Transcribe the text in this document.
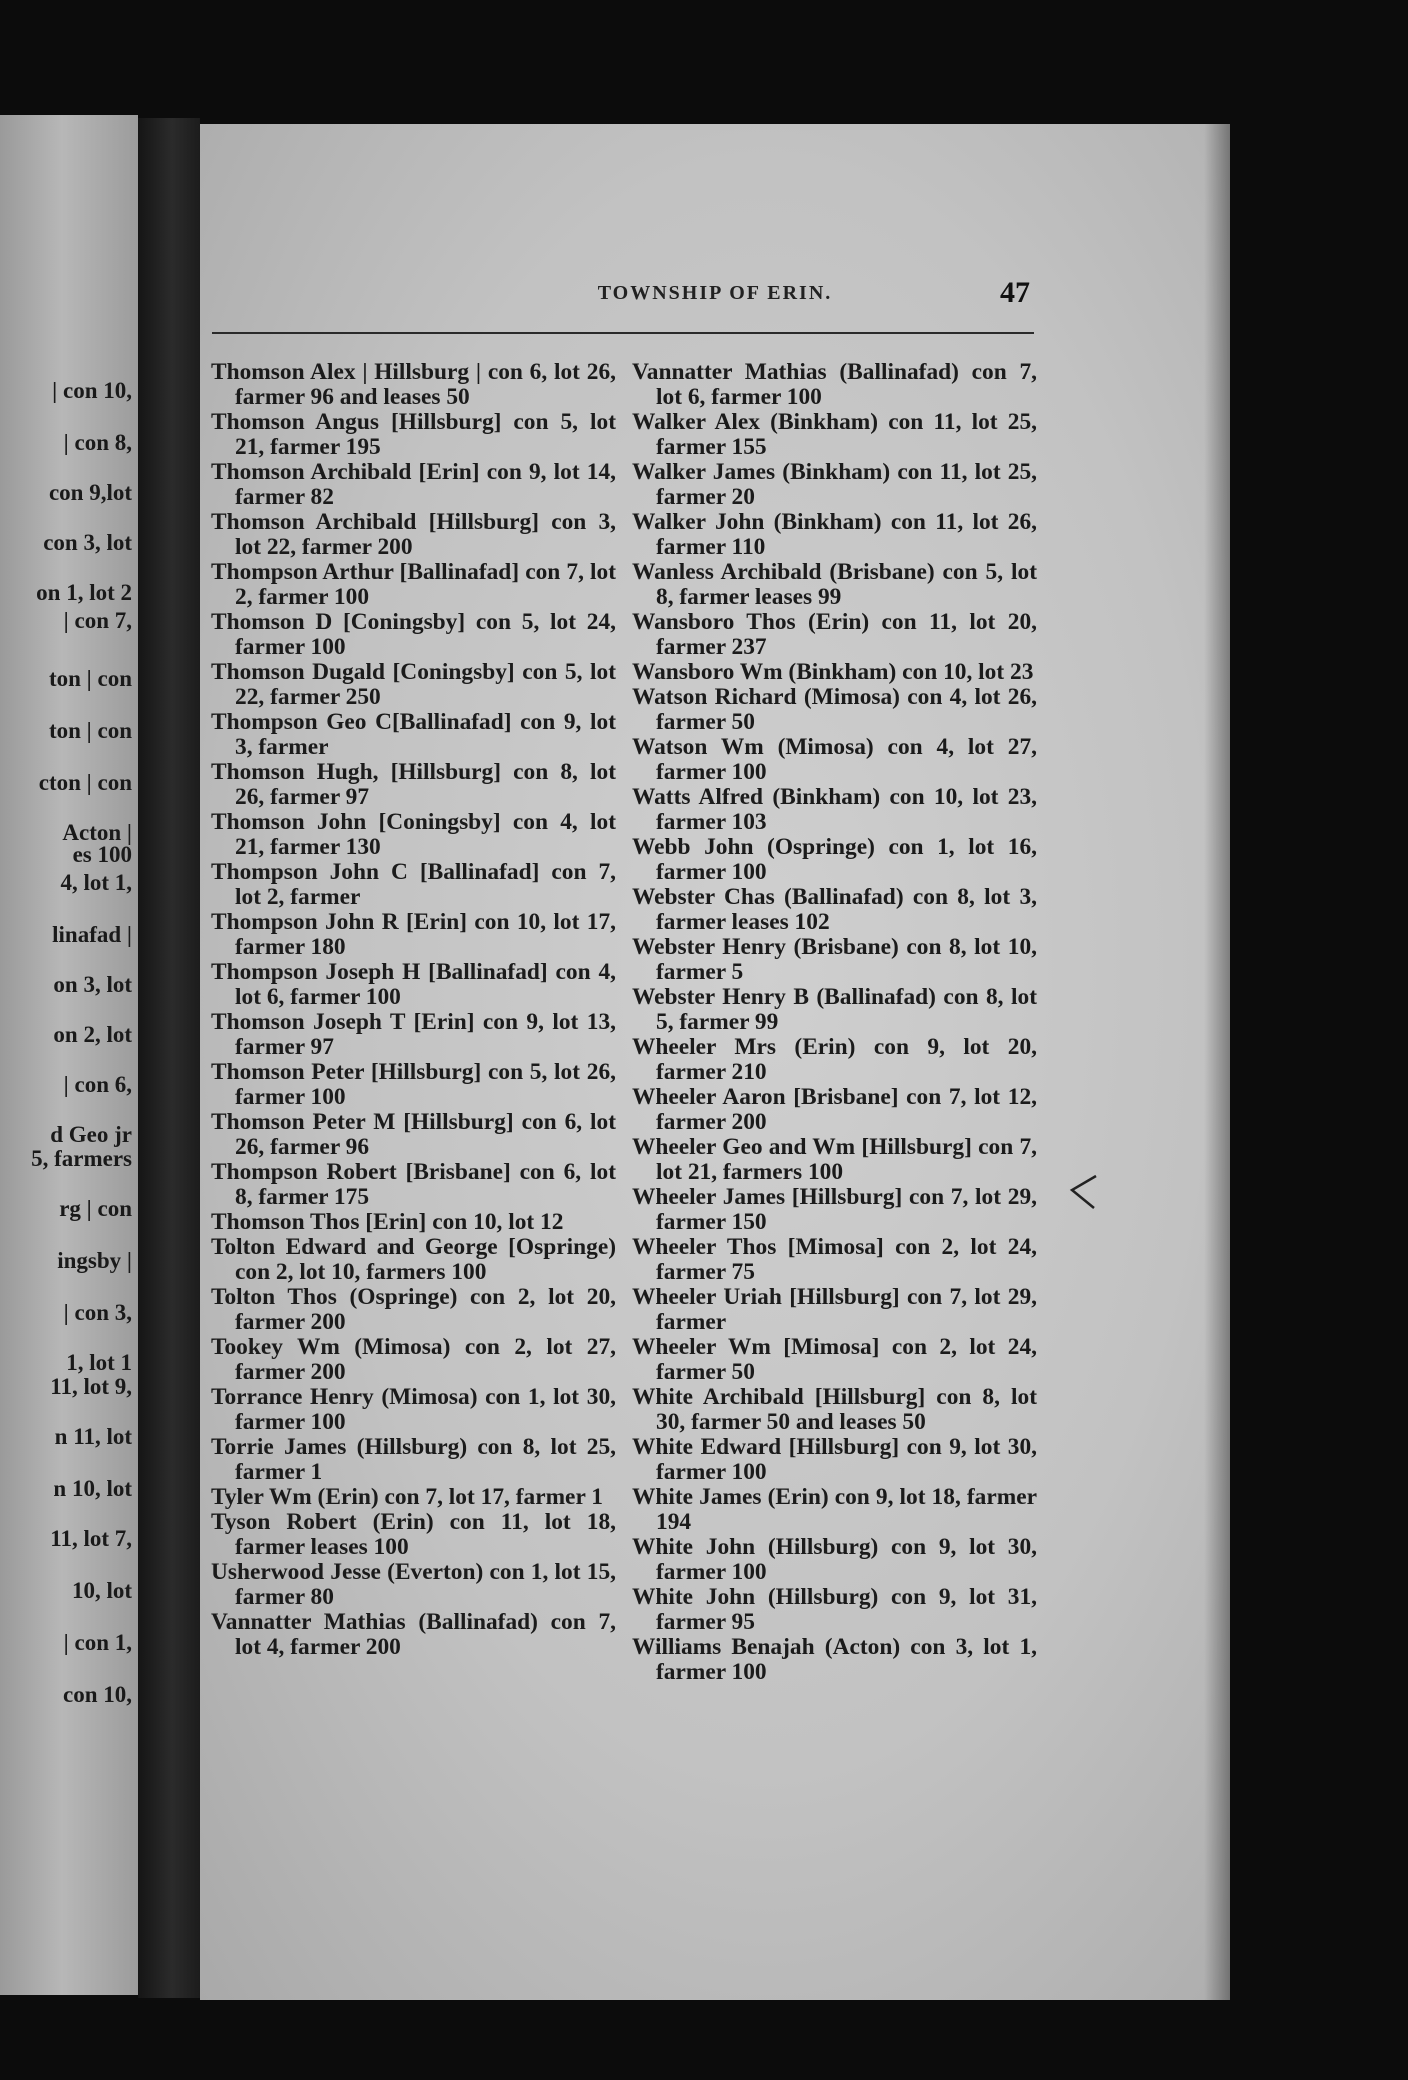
| con 10,
| con 8,
con 9,lot
con 3, lot
on 1, lot 2
| con 7,
ton | con
ton | con
cton | con
Acton |
es 100
4, lot 1,
linafad |
on 3, lot
on 2, lot
| con 6,
d Geo jr
5, farmers
rg | con
ingsby |
| con 3,
1, lot 1
11, lot 9,
n 11, lot
n 10, lot
11, lot 7,
10, lot
| con 1,
con 10,
TOWNSHIP OF ERIN.	47

Thomson Alex | Hillsburg | con 6, lot 26, farmer 96 and leases 50

Thomson Angus [Hillsburg] con 5, lot 21, farmer 195

Thomson Archibald [Erin] con 9, lot 14, farmer 82

Thomson Archibald [Hillsburg] con 3, lot 22, farmer 200

Thompson Arthur [Ballinafad] con 7, lot 2, farmer 100

Thomson D [Coningsby] con 5, lot 24, farmer 100

Thomson Dugald [Coningsby] con 5, lot 22, farmer 250

Thompson Geo C[Ballinafad] con 9, lot 3, farmer

Thomson Hugh, [Hillsburg] con 8, lot 26, farmer 97

Thomson John [Coningsby] con 4, lot 21, farmer 130

Thompson John C [Ballinafad] con 7, lot 2, farmer

Thompson John R [Erin] con 10, lot 17, farmer 180

Thompson Joseph H [Ballinafad] con 4, lot 6, farmer 100

Thomson Joseph T [Erin] con 9, lot 13, farmer 97

Thomson Peter [Hillsburg] con 5, lot 26, farmer 100

Thomson Peter M [Hillsburg] con 6, lot 26, farmer 96

Thompson Robert [Brisbane] con 6, lot 8, farmer 175

Thomson Thos [Erin] con 10, lot 12

Tolton Edward and George [Ospringe) con 2, lot 10, farmers 100

Tolton Thos (Ospringe) con 2, lot 20, farmer 200

Tookey Wm (Mimosa) con 2, lot 27, farmer 200

Torrance Henry (Mimosa) con 1, lot 30, farmer 100

Torrie James (Hillsburg) con 8, lot 25, farmer 1

Tyler Wm (Erin) con 7, lot 17, farmer 1

Tyson Robert (Erin) con 11, lot 18, farmer leases 100

Usherwood Jesse (Everton) con 1, lot 15, farmer 80

Vannatter Mathias (Ballinafad) con 7, lot 4, farmer 200

Vannatter Mathias (Ballinafad) con 7, lot 6, farmer 100

Walker Alex (Binkham) con 11, lot 25, farmer 155

Walker James (Binkham) con 11, lot 25, farmer 20

Walker John (Binkham) con 11, lot 26, farmer 110

Wanless Archibald (Brisbane) con 5, lot 8, farmer leases 99

Wansboro Thos (Erin) con 11, lot 20, farmer 237

Wansboro Wm (Binkham) con 10, lot 23

Watson Richard (Mimosa) con 4, lot 26, farmer 50

Watson Wm (Mimosa) con 4, lot 27, farmer 100

Watts Alfred (Binkham) con 10, lot 23, farmer 103

Webb John (Ospringe) con 1, lot 16, farmer 100

Webster Chas (Ballinafad) con 8, lot 3, farmer leases 102

Webster Henry (Brisbane) con 8, lot 10, farmer 5

Webster Henry B (Ballinafad) con 8, lot 5, farmer 99

Wheeler Mrs (Erin) con 9, lot 20, farmer 210

Wheeler Aaron [Brisbane] con 7, lot 12, farmer 200

Wheeler Geo and Wm [Hillsburg] con 7, lot 21, farmers 100

Wheeler James [Hillsburg] con 7, lot 29, farmer 150

Wheeler Thos [Mimosa] con 2, lot 24, farmer 75

Wheeler Uriah [Hillsburg] con 7, lot 29, farmer

Wheeler Wm [Mimosa] con 2, lot 24, farmer 50

White Archibald [Hillsburg] con 8, lot 30, farmer 50 and leases 50

White Edward [Hillsburg] con 9, lot 30, farmer 100

White James (Erin) con 9, lot 18, farmer 194

White John (Hillsburg) con 9, lot 30, farmer 100

White John (Hillsburg) con 9, lot 31, farmer 95

Williams Benajah (Acton) con 3, lot 1, farmer 100
